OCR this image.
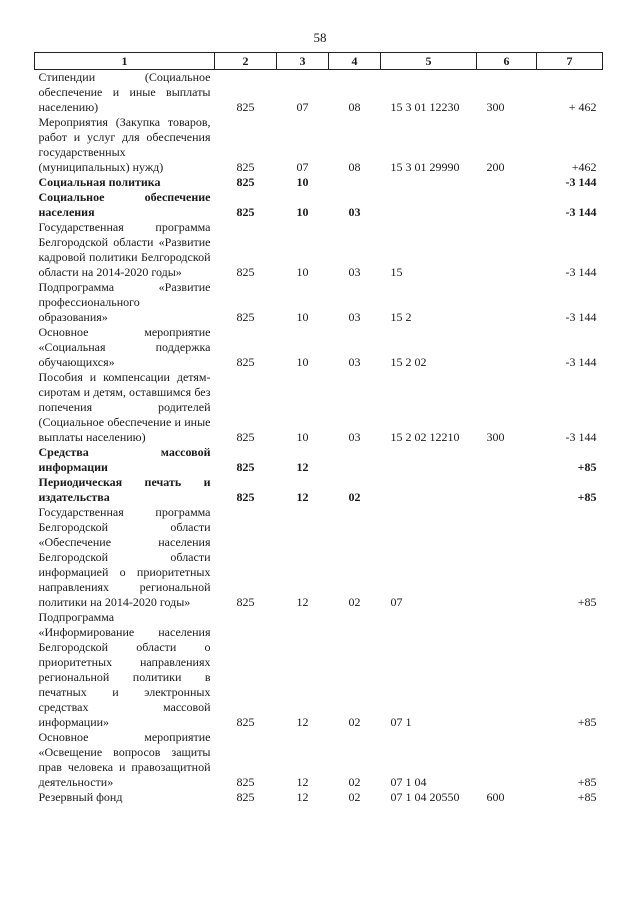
58
1	2	3	4	5	6	7
Стипендии (Социальное обеспечение и иные выплаты населению)	825	07	08	15 3 01 12230	300	+ 462
Мероприятия (Закупка товаров, работ и услуг для обеспечения государственных (муниципальных) нужд)	825	07	08	15 3 01 29990	200	+462
Социальная политика	825	10				-3 144
Социальное обеспечение населения	825	10	03			-3 144
Государственная программа Белгородской области «Развитие кадровой политики Белгородской области на 2014-2020 годы»	825	10	03	15		-3 144
Подпрограмма «Развитие профессионального образования»	825	10	03	15 2		-3 144
Основное мероприятие «Социальная поддержка обучающихся»	825	10	03	15 2 02		-3 144
Пособия и компенсации детям-сиротам и детям, оставшимся без попечения родителей (Социальное обеспечение и иные выплаты населению)	825	10	03	15 2 02 12210	300	-3 144
Средства массовой информации	825	12				+85
Периодическая печать и издательства	825	12	02			+85
Государственная программа Белгородской области «Обеспечение населения Белгородской области информацией о приоритетных направлениях региональной политики на 2014-2020 годы»	825	12	02	07		+85
Подпрограмма «Информирование населения Белгородской области о приоритетных направлениях региональной политики в печатных и электронных средствах массовой информации»	825	12	02	07 1		+85
Основное мероприятие «Освещение вопросов защиты прав человека и правозащитной деятельности»	825	12	02	07 1 04		+85
Резервный фонд	825	12	02	07 1 04 20550	600	+85
